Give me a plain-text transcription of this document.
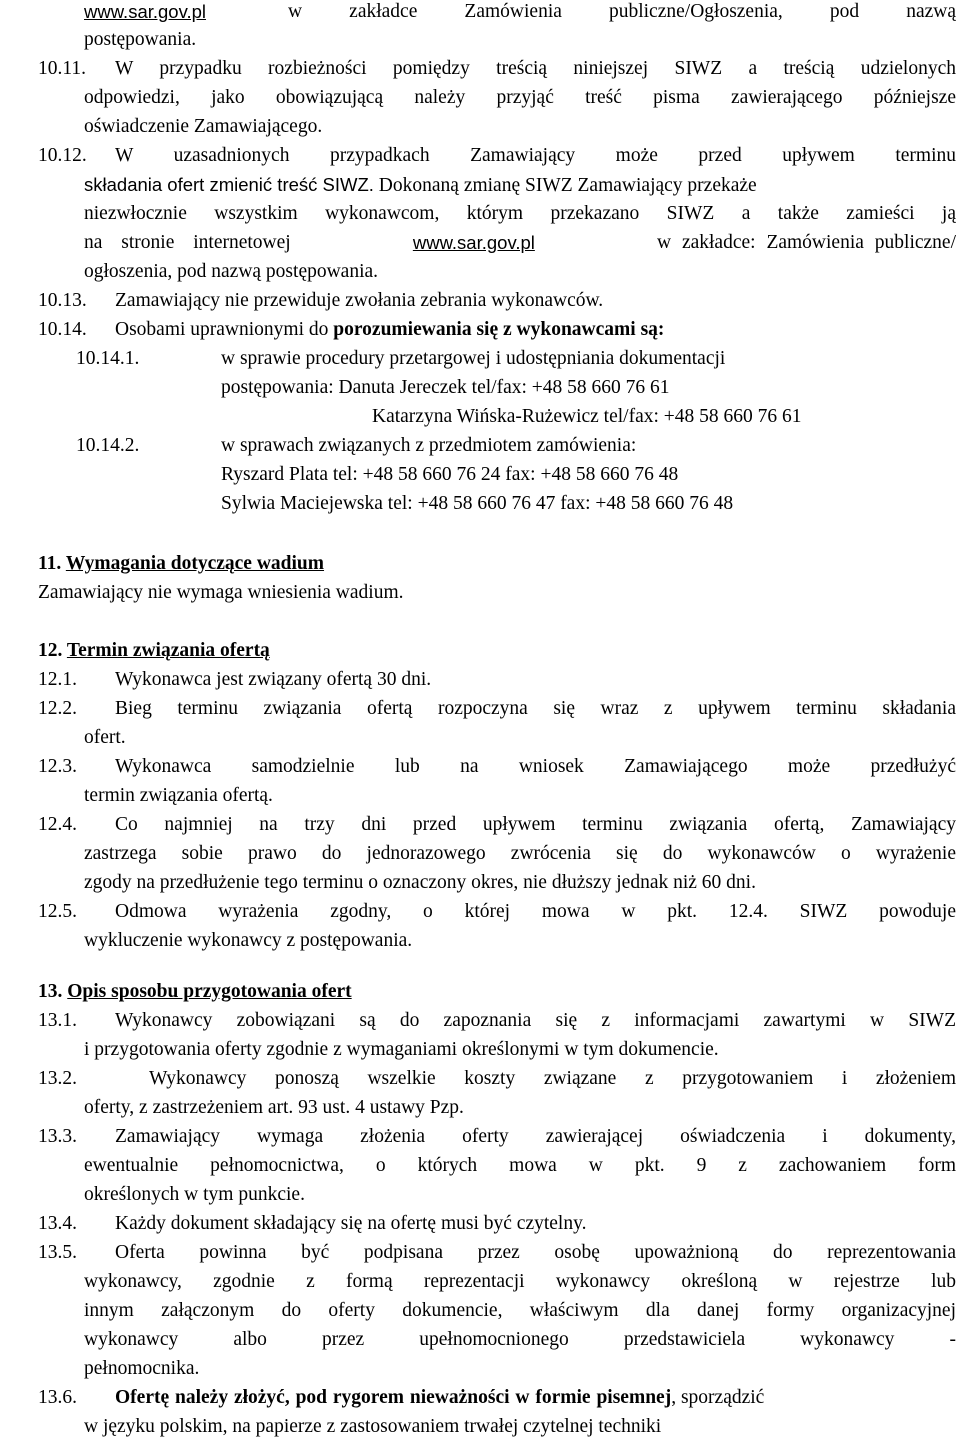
www.sar.gov.pl	w zakładce Zamówienia publiczne/Ogłoszenia, pod nazwą
postępowania.
10.11. W przypadku rozbieżności pomiędzy treścią niniejszej SIWZ a treścią udzielonych
odpowiedzi, jako obowiązującą należy przyjąć treść pisma zawierającego późniejsze
oświadczenie Zamawiającego.
10.12. W uzasadnionych przypadkach Zamawiający może przed upływem terminu
składania ofert zmienić treść SIWZ. Dokonaną zmianę SIWZ Zamawiający przekaże
niezwłocznie wszystkim wykonawcom, którym przekazano SIWZ a także zamieści ją
na stronie internetowej	www.sar.gov.pl	w zakładce: Zamówienia publiczne/
ogłoszenia, pod nazwą postępowania.
10.13. Zamawiający nie przewiduje zwołania zebrania wykonawców.
10.14. Osobami uprawnionymi do porozumiewania się z wykonawcami są:
10.14.1.	w sprawie procedury przetargowej i udostępniania dokumentacji
postępowania: Danuta Jereczek tel/fax: +48 58 660 76 61
Katarzyna Wińska-Rużewicz tel/fax: +48 58 660 76 61
10.14.2.	w sprawach związanych z przedmiotem zamówienia:
Ryszard Plata tel: +48 58 660 76 24 fax: +48 58 660 76 48
Sylwia Maciejewska tel: +48 58 660 76 47 fax: +48 58 660 76 48
11. Wymagania dotyczące wadium
Zamawiający nie wymaga wniesienia wadium.
12. Termin związania ofertą
12.1. Wykonawca jest związany ofertą 30 dni.
12.2. Bieg terminu związania ofertą rozpoczyna się wraz z upływem terminu składania
ofert.
12.3. Wykonawca samodzielnie lub na wniosek Zamawiającego może przedłużyć
termin związania ofertą.
12.4. Co najmniej na trzy dni przed upływem terminu związania ofertą, Zamawiający
zastrzega sobie prawo do jednorazowego zwrócenia się do wykonawców o wyrażenie
zgody na przedłużenie tego terminu o oznaczony okres, nie dłuższy jednak niż 60 dni.
12.5. Odmowa wyrażenia zgodny, o której mowa w pkt. 12.4. SIWZ powoduje
wykluczenie wykonawcy z postępowania.
13. Opis sposobu przygotowania ofert
13.1. Wykonawcy zobowiązani są do zapoznania się z informacjami zawartymi w SIWZ
i przygotowania oferty zgodnie z wymaganiami określonymi w tym dokumencie.
13.2.	Wykonawcy ponoszą wszelkie koszty związane z przygotowaniem i złożeniem
oferty, z zastrzeżeniem art. 93 ust. 4 ustawy Pzp.
13.3. Zamawiający wymaga złożenia oferty zawierającej oświadczenia i dokumenty,
ewentualnie pełnomocnictwa, o których mowa w pkt. 9 z zachowaniem form
określonych w tym punkcie.
13.4. Każdy dokument składający się na ofertę musi być czytelny.
13.5. Oferta powinna być podpisana przez osobę upoważnioną do reprezentowania
wykonawcy, zgodnie z formą reprezentacji wykonawcy określoną w rejestrze lub
innym załączonym do oferty dokumencie, właściwym dla danej formy organizacyjnej
wykonawcy albo przez upełnomocnionego przedstawiciela wykonawcy -
pełnomocnika.
13.6. Ofertę należy złożyć, pod rygorem nieważności w formie pisemnej , sporządzić
w języku polskim, na papierze z zastosowaniem trwałej czytelnej techniki
